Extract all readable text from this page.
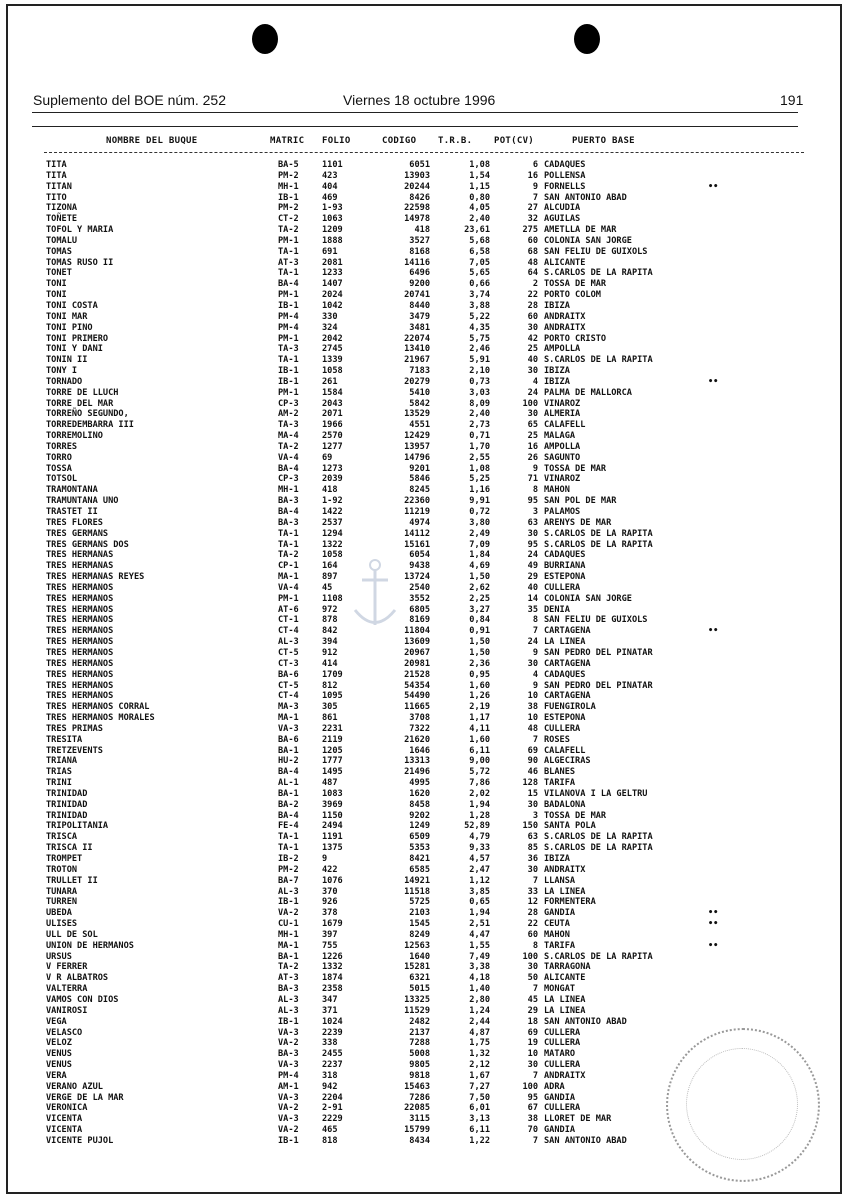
Suplemento del BOE núm. 252	Viernes 18 octubre 1996	191
NOMBRE DEL BUQUE	MATRIC FOLIO	CODIGO T.R.B. POT(CV)	PUERTO BASE
TITA	BA-5	1101	6051	1,08	6 CADAQUES
TITA	PM-2	423	13903	1,54	16 POLLENSA
TITAN	MH-1	404	20244	1,15	9 FORNELLS	••
TITO	IB-1	469	8426	0,80	7 SAN ANTONIO ABAD
TIZONA	PM-2	1-93	22598	4,05	27 ALCUDIA
TOÑETE	CT-2	1063	14978	2,40	32 AGUILAS
TOFOL Y MARIA	TA-2	1209	418	23,61	275 AMETLLA DE MAR
TOMALU	PM-1	1888	3527	5,68	60 COLONIA SAN JORGE
TOMAS	TA-1	691	8168	6,58	68 SAN FELIU DE GUIXOLS
TOMAS RUSO II	AT-3	2081	14116	7,05	48 ALICANTE
TONET	TA-1	1233	6496	5,65	64 S.CARLOS DE LA RAPITA
TONI	BA-4	1407	9200	0,66	2 TOSSA DE MAR
TONI	PM-1	2024	20741	3,74	22 PORTO COLOM
TONI COSTA	IB-1	1042	8440	3,88	28 IBIZA
TONI MAR	PM-4	330	3479	5,22	60 ANDRAITX
TONI PINO	PM-4	324	3481	4,35	30 ANDRAITX
TONI PRIMERO	PM-1	2042	22074	5,75	42 PORTO CRISTO
TONI Y DANI	TA-3	2745	13410	2,46	25 AMPOLLA
TONIN II	TA-1	1339	21967	5,91	40 S.CARLOS DE LA RAPITA
TONY I	IB-1	1058	7183	2,10	30 IBIZA
TORNADO	IB-1	261	20279	0,73	4 IBIZA	••
TORRE DE LLUCH	PM-1	1584	5410	3,03	24 PALMA DE MALLORCA
TORRE DEL MAR	CP-3	2043	5842	8,09	100 VINAROZ
TORREÑO SEGUNDO,	AM-2	2071	13529	2,40	30 ALMERIA
TORREDEMBARRA III	TA-3	1966	4551	2,73	65 CALAFELL
TORREMOLINO	MA-4	2570	12429	0,71	25 MALAGA
TORRES	TA-2	1277	13957	1,70	16 AMPOLLA
TORRO	VA-4	69	14796	2,55	26 SAGUNTO
TOSSA	BA-4	1273	9201	1,08	9 TOSSA DE MAR
TOTSOL	CP-3	2039	5846	5,25	71 VINAROZ
TRAMONTANA	MH-1	418	8245	1,16	8 MAHON
TRAMUNTANA UNO	BA-3	1-92	22360	9,91	95 SAN POL DE MAR
TRASTET II	BA-4	1422	11219	0,72	3 PALAMOS
TRES FLORES	BA-3	2537	4974	3,80	63 ARENYS DE MAR
TRES GERMANS	TA-1	1294	14112	2,49	30 S.CARLOS DE LA RAPITA
TRES GERMANS DOS	TA-1	1322	15161	7,09	95 S.CARLOS DE LA RAPITA
TRES HERMANAS	TA-2	1058	6054	1,84	24 CADAQUES
TRES HERMANAS	CP-1	164	9438	4,69	49 BURRIANA
TRES HERMANAS REYES	MA-1	897	13724	1,50	29 ESTEPONA
TRES HERMANOS	VA-4	45	2540	2,62	40 CULLERA
TRES HERMANOS	PM-1	1108	3552	2,25	14 COLONIA SAN JORGE
TRES HERMANOS	AT-6	972	6805	3,27	35 DENIA
TRES HERMANOS	CT-1	878	8169	0,84	8 SAN FELIU DE GUIXOLS
TRES HERMANOS	CT-4	842	11804	0,91	7 CARTAGENA	••
TRES HERMANOS	AL-3	394	13609	1,50	24 LA LINEA
TRES HERMANOS	CT-5	912	20967	1,50	9 SAN PEDRO DEL PINATAR
TRES HERMANOS	CT-3	414	20981	2,36	30 CARTAGENA
TRES HERMANOS	BA-6	1709	21528	0,95	4 CADAQUES
TRES HERMANOS	CT-5	812	54354	1,60	9 SAN PEDRO DEL PINATAR
TRES HERMANOS	CT-4	1095	54490	1,26	10 CARTAGENA
TRES HERMANOS CORRAL	MA-3	305	11665	2,19	38 FUENGIROLA
TRES HERMANOS MORALES	MA-1	861	3708	1,17	10 ESTEPONA
TRES PRIMAS	VA-3	2231	7322	4,11	48 CULLERA
TRESITA	BA-6	2119	21620	1,60	7 ROSES
TRETZEVENTS	BA-1	1205	1646	6,11	69 CALAFELL
TRIANA	HU-2	1777	13313	9,00	90 ALGECIRAS
TRIAS	BA-4	1495	21496	5,72	46 BLANES
TRINI	AL-1	487	4995	7,86	128 TARIFA
TRINIDAD	BA-1	1083	1620	2,02	15 VILANOVA I LA GELTRU
TRINIDAD	BA-2	3969	8458	1,94	30 BADALONA
TRINIDAD	BA-4	1150	9202	1,28	3 TOSSA DE MAR
TRIPOLITANIA	FE-4	2494	1249	52,89	150 SANTA POLA
TRISCA	TA-1	1191	6509	4,79	63 S.CARLOS DE LA RAPITA
TRISCA II	TA-1	1375	5353	9,33	85 S.CARLOS DE LA RAPITA
TROMPET	IB-2	9	8421	4,57	36 IBIZA
TROTON	PM-2	422	6585	2,47	30 ANDRAITX
TRULLET II	BA-7	1076	14921	1,12	7 LLANSA
TUNARA	AL-3	370	11518	3,85	33 LA LINEA
TURREN	IB-1	926	5725	0,65	12 FORMENTERA
UBEDA	VA-2	378	2103	1,94	28 GANDIA	••
ULISES	CU-1	1679	1545	2,51	22 CEUTA	••
ULL DE SOL	MH-1	397	8249	4,47	60 MAHON
UNION DE HERMANOS	MA-1	755	12563	1,55	8 TARIFA	••
URSUS	BA-1	1226	1640	7,49	100 S.CARLOS DE LA RAPITA
V FERRER	TA-2	1332	15281	3,38	30 TARRAGONA
V R ALBATROS	AT-3	1874	6321	4,18	50 ALICANTE
VALTERRA	BA-3	2358	5015	1,40	7 MONGAT
VAMOS CON DIOS	AL-3	347	13325	2,80	45 LA LINEA
VANIROSI	AL-3	371	11529	1,24	29 LA LINEA
VEGA	IB-1	1024	2482	2,44	18 SAN ANTONIO ABAD
VELASCO	VA-3	2239	2137	4,87	69 CULLERA
VELOZ	VA-2	338	7288	1,75	19 CULLERA
VENUS	BA-3	2455	5008	1,32	10 MATARO
VENUS	VA-3	2237	9805	2,12	30 CULLERA
VERA	PM-4	318	9818	1,67	7 ANDRAITX
VERANO AZUL	AM-1	942	15463	7,27	100 ADRA
VERGE DE LA MAR	VA-3	2204	7286	7,50	95 GANDIA
VERONICA	VA-2	2-91	22085	6,01	67 CULLERA
VICENTA	VA-3	2229	3115	3,13	38 LLORET DE MAR
VICENTA	VA-2	465	15799	6,11	70 GANDIA
VICENTE PUJOL	IB-1	818	8434	1,22	7 SAN ANTONIO ABAD
